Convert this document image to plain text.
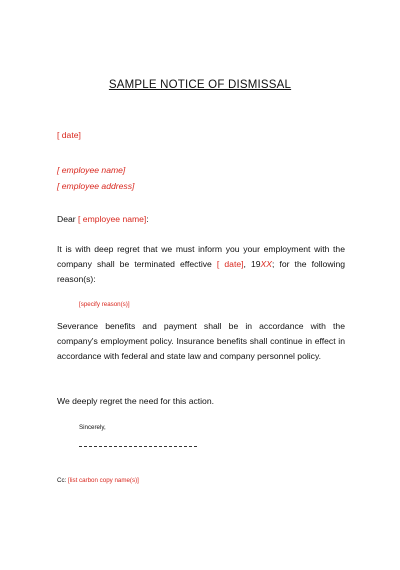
SAMPLE NOTICE OF DISMISSAL
[ date]
[ employee name]
[ employee address]
Dear [ employee name]:
It is with deep regret that we must inform you your employment with the company shall be terminated effective [ date], 19XX; for the following reason(s):
[specify reason(s)]
Severance benefits and payment shall be in accordance with the company's employment policy. Insurance benefits shall continue in effect in accordance with federal and state law and company personnel policy.
We deeply regret the need for this action.
Sincerely,
Cc: [list carbon copy name(s)]
